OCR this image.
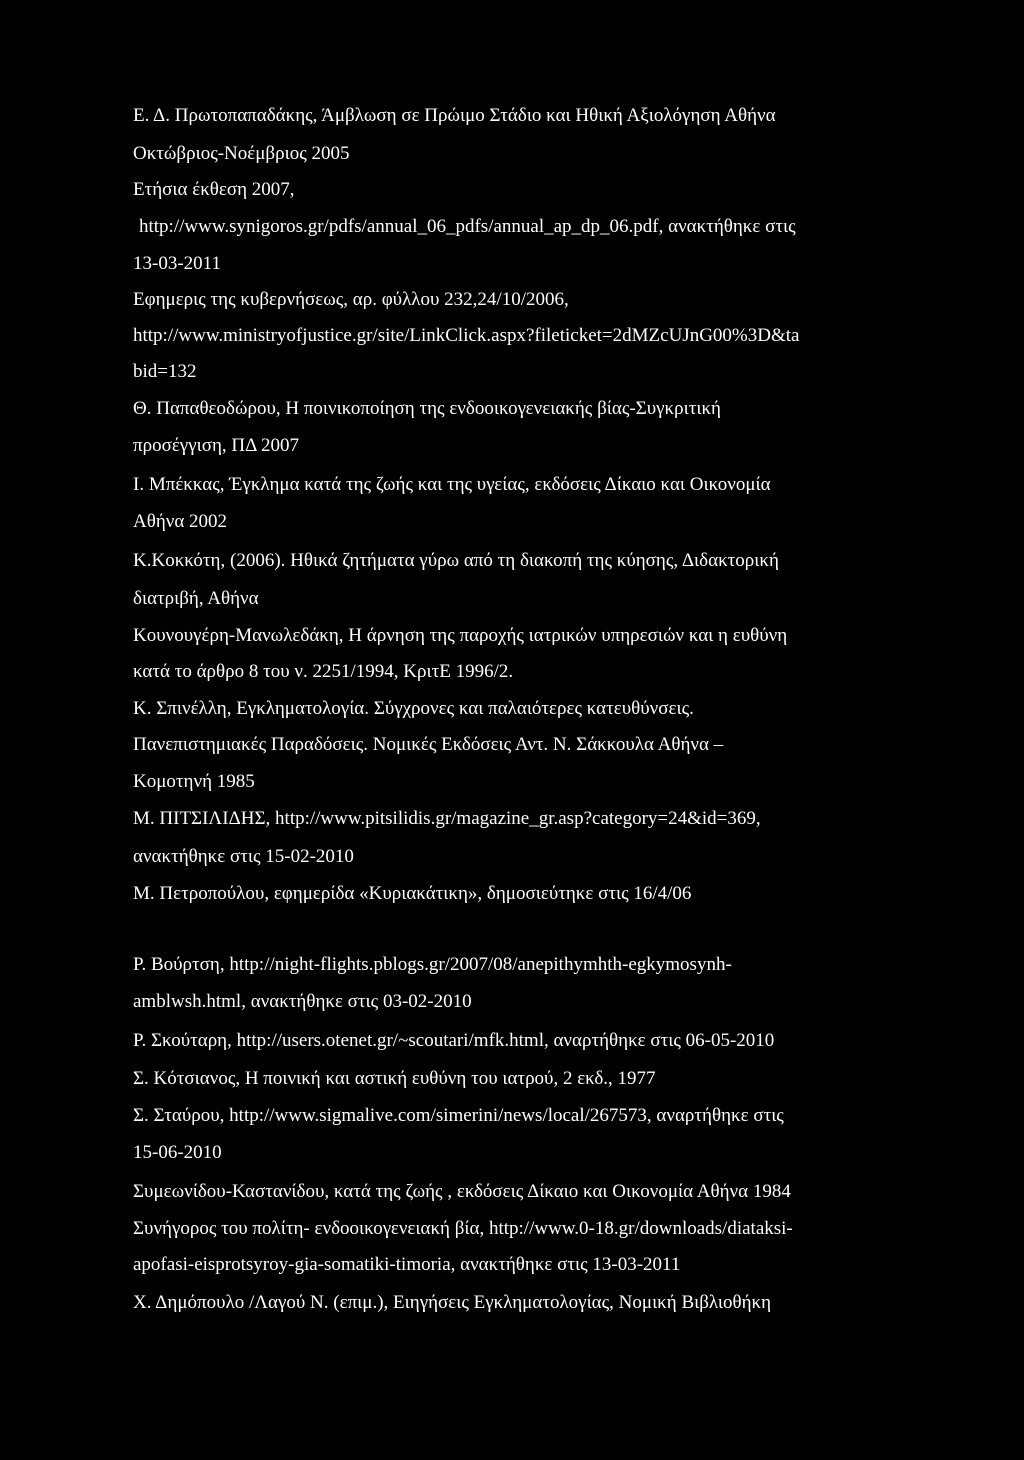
Ε. Δ. Πρωτοπαπαδάκης, Άμβλωση σε Πρώιμο Στάδιο και Ηθική Αξιολόγηση Αθήνα
Οκτώβριος-Νοέμβριος 2005
Ετήσια έκθεση 2007,
http://www.synigoros.gr/pdfs/annual_06_pdfs/annual_ap_dp_06.pdf, ανακτήθηκε στις
13-03-2011
Εφημερις της κυβερνήσεως, αρ. φύλλου 232,24/10/2006,
http://www.ministryofjustice.gr/site/LinkClick.aspx?fileticket=2dMZcUJnG00%3D&ta
bid=132
Θ. Παπαθεοδώρου, Η ποινικοποίηση της ενδοοικογενειακής βίας-Συγκριτική
προσέγγιση, ΠΔ 2007
I. Μπέκκας, Έγκλημα κατά της ζωής και της υγείας, εκδόσεις Δίκαιο και Οικονομία
Αθήνα 2002
Κ.Κοκκότη, (2006). Ηθικά ζητήματα γύρω από τη διακοπή της κύησης, Διδακτορική
διατριβή, Αθήνα
Κουνουγέρη-Μανωλεδάκη, Η άρνηση της παροχής ιατρικών υπηρεσιών και η ευθύνη
κατά το άρθρο 8 του ν. 2251/1994, ΚριτΕ 1996/2.
Κ. Σπινέλλη, Εγκληματολογία. Σύγχρονες και παλαιότερες κατευθύνσεις.
Πανεπιστημιακές Παραδόσεις. Νομικές Εκδόσεις Αντ. Ν. Σάκκουλα Αθήνα –
Κομοτηνή 1985
Μ. ΠΙΤΣΙΛΙΔΗΣ, http://www.pitsilidis.gr/magazine_gr.asp?category=24&id=369,
ανακτήθηκε στις 15-02-2010
Μ. Πετροπούλου, εφημερίδα «Κυριακάτικη», δημοσιεύτηκε στις 16/4/06
Ρ. Βούρτση, http://night-flights.pblogs.gr/2007/08/anepithymhth-egkymosynh-
amblwsh.html, ανακτήθηκε στις 03-02-2010
Ρ. Σκούταρη, http://users.otenet.gr/~scoutari/mfk.html, αναρτήθηκε στις 06-05-2010
Σ. Κότσιανος, Η ποινική και αστική ευθύνη του ιατρού, 2 εκδ., 1977
Σ. Σταύρου, http://www.sigmalive.com/simerini/news/local/267573, αναρτήθηκε στις
15-06-2010
Συμεωνίδου-Καστανίδου, κατά της ζωής , εκδόσεις Δίκαιο και Οικονομία Αθήνα 1984
Συνήγορος του πολίτη- ενδοοικογενειακή βία, http://www.0-18.gr/downloads/diataksi-
apofasi-eisprotsyroy-gia-somatiki-timoria, ανακτήθηκε στις 13-03-2011
Χ. Δημόπουλο /Λαγού Ν. (επιμ.), Ειηγήσεις Εγκληματολογίας, Νομική Βιβλιοθήκη
